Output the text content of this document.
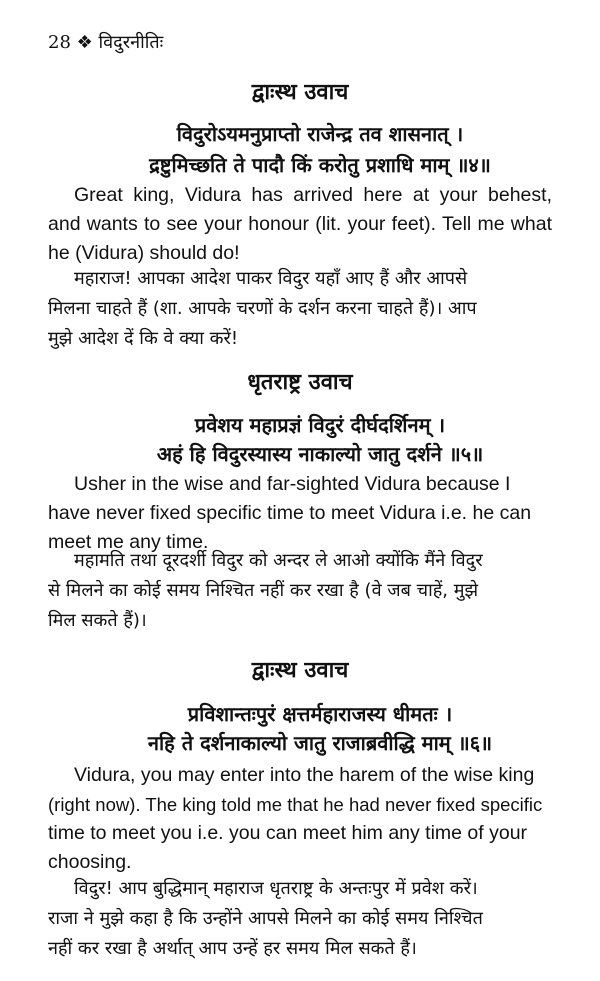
28 ❖ विदुरनीतिः
द्वाःस्थ उवाच
विदुरोऽयमनुप्राप्तो राजेन्द्र तव शासनात् ।
द्रष्टुमिच्छति ते पादौ किं करोतु प्रशाधि माम् ॥४॥
Great king, Vidura has arrived here at your behest,
and wants to see your honour (lit. your feet). Tell me what
he (Vidura) should do!
महाराज! आपका आदेश पाकर विदुर यहाँ आए हैं और आपसे
मिलना चाहते हैं (शा. आपके चरणों के दर्शन करना चाहते हैं)। आप
मुझे आदेश दें कि वे क्या करें!
धृतराष्ट्र उवाच
प्रवेशय महाप्रज्ञं विदुरं दीर्घदर्शिनम् ।
अहं हि विदुरस्यास्य नाकाल्यो जातु दर्शने ॥५॥
Usher in the wise and far-sighted Vidura because I
have never fixed specific time to meet Vidura i.e. he can
meet me any time.
महामति तथा दूरदर्शी विदुर को अन्दर ले आओ क्योंकि मैंने विदुर
से मिलने का कोई समय निश्चित नहीं कर रखा है (वे जब चाहें, मुझे
मिल सकते हैं)।
द्वाःस्थ उवाच
प्रविशान्तःपुरं क्षत्तर्महाराजस्य धीमतः ।
नहि ते दर्शनाकाल्यो जातु राजाब्रवीद्धि माम् ॥६॥
Vidura, you may enter into the harem of the wise king
(right now). The king told me that he had never fixed specific
time to meet you i.e. you can meet him any time of your
choosing.
विदुर! आप बुद्धिमान् महाराज धृतराष्ट्र के अन्तःपुर में प्रवेश करें।
राजा ने मुझे कहा है कि उन्होंने आपसे मिलने का कोई समय निश्चित
नहीं कर रखा है अर्थात् आप उन्हें हर समय मिल सकते हैं।
